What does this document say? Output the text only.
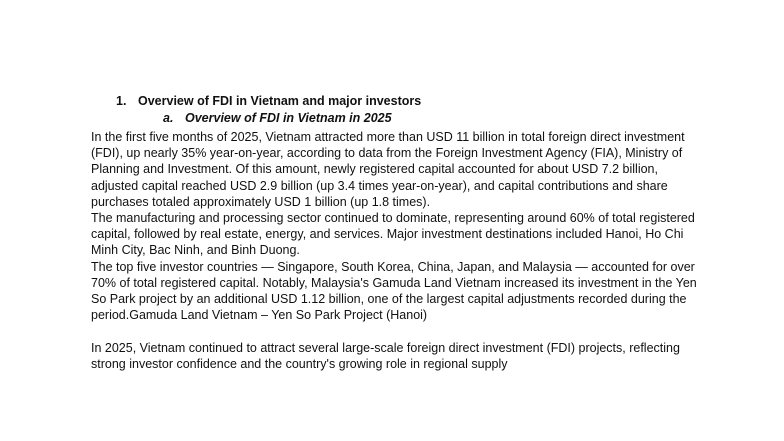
1. Overview of FDI in Vietnam and major investors
a. Overview of FDI in Vietnam in 2025

In the first five months of 2025, Vietnam attracted more than USD 11 billion in total foreign direct investment (FDI), up nearly 35% year-on-year, according to data from the Foreign Investment Agency (FIA), Ministry of Planning and Investment. Of this amount, newly registered capital accounted for about USD 7.2 billion, adjusted capital reached USD 2.9 billion (up 3.4 times year-on-year), and capital contributions and share purchases totaled approximately USD 1 billion (up 1.8 times).

The manufacturing and processing sector continued to dominate, representing around 60% of total registered capital, followed by real estate, energy, and services. Major investment destinations included Hanoi, Ho Chi Minh City, Bac Ninh, and Binh Duong.

The top five investor countries — Singapore, South Korea, China, Japan, and Malaysia — accounted for over 70% of total registered capital. Notably, Malaysia's Gamuda Land Vietnam increased its investment in the Yen So Park project by an additional USD 1.12 billion, one of the largest capital adjustments recorded during the period.Gamuda Land Vietnam – Yen So Park Project (Hanoi)

In 2025, Vietnam continued to attract several large-scale foreign direct investment (FDI) projects, reflecting strong investor confidence and the country's growing role in regional supply
